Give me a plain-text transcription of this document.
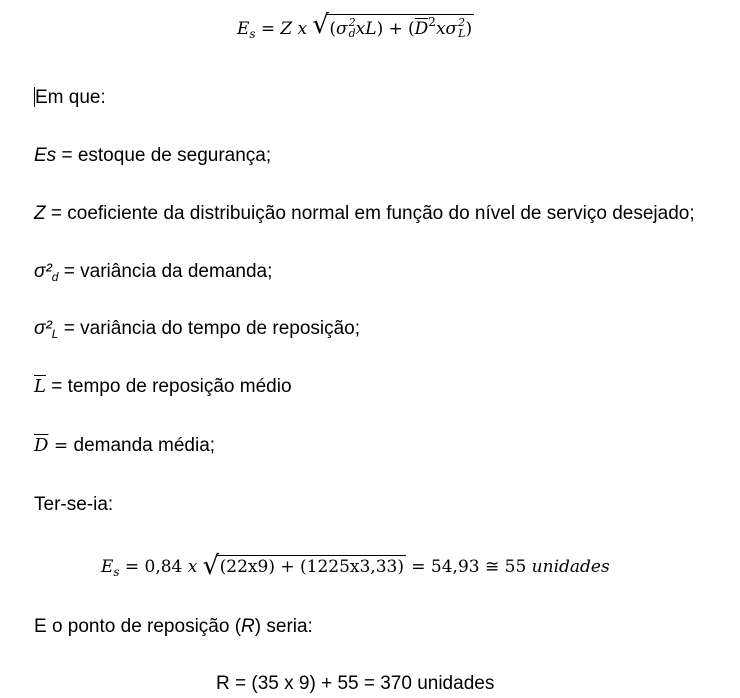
$E_s = Z$ x √ (σ 2
d $xL) + (\overline{D}^2x\sigma$ 2
L )
Em que:
Es = estoque de segurança;
Z = coeficiente da distribuição normal em função do nível de serviço desejado;
$\sigma^2_d$ = variância da demanda;
$\sigma^2_L$ = variância do tempo de reposição;
$\overline{L}$ = tempo de reposição médio
$\overline{D}$ = demanda média;
Ter-se-ia:
$E_s = 0,84$ x √ (22x9) + (1225x3,33) = 54,93 ≅ 55 unidades
E o ponto de reposição (R) seria:
R = (35 x 9) + 55 = 370 unidades
